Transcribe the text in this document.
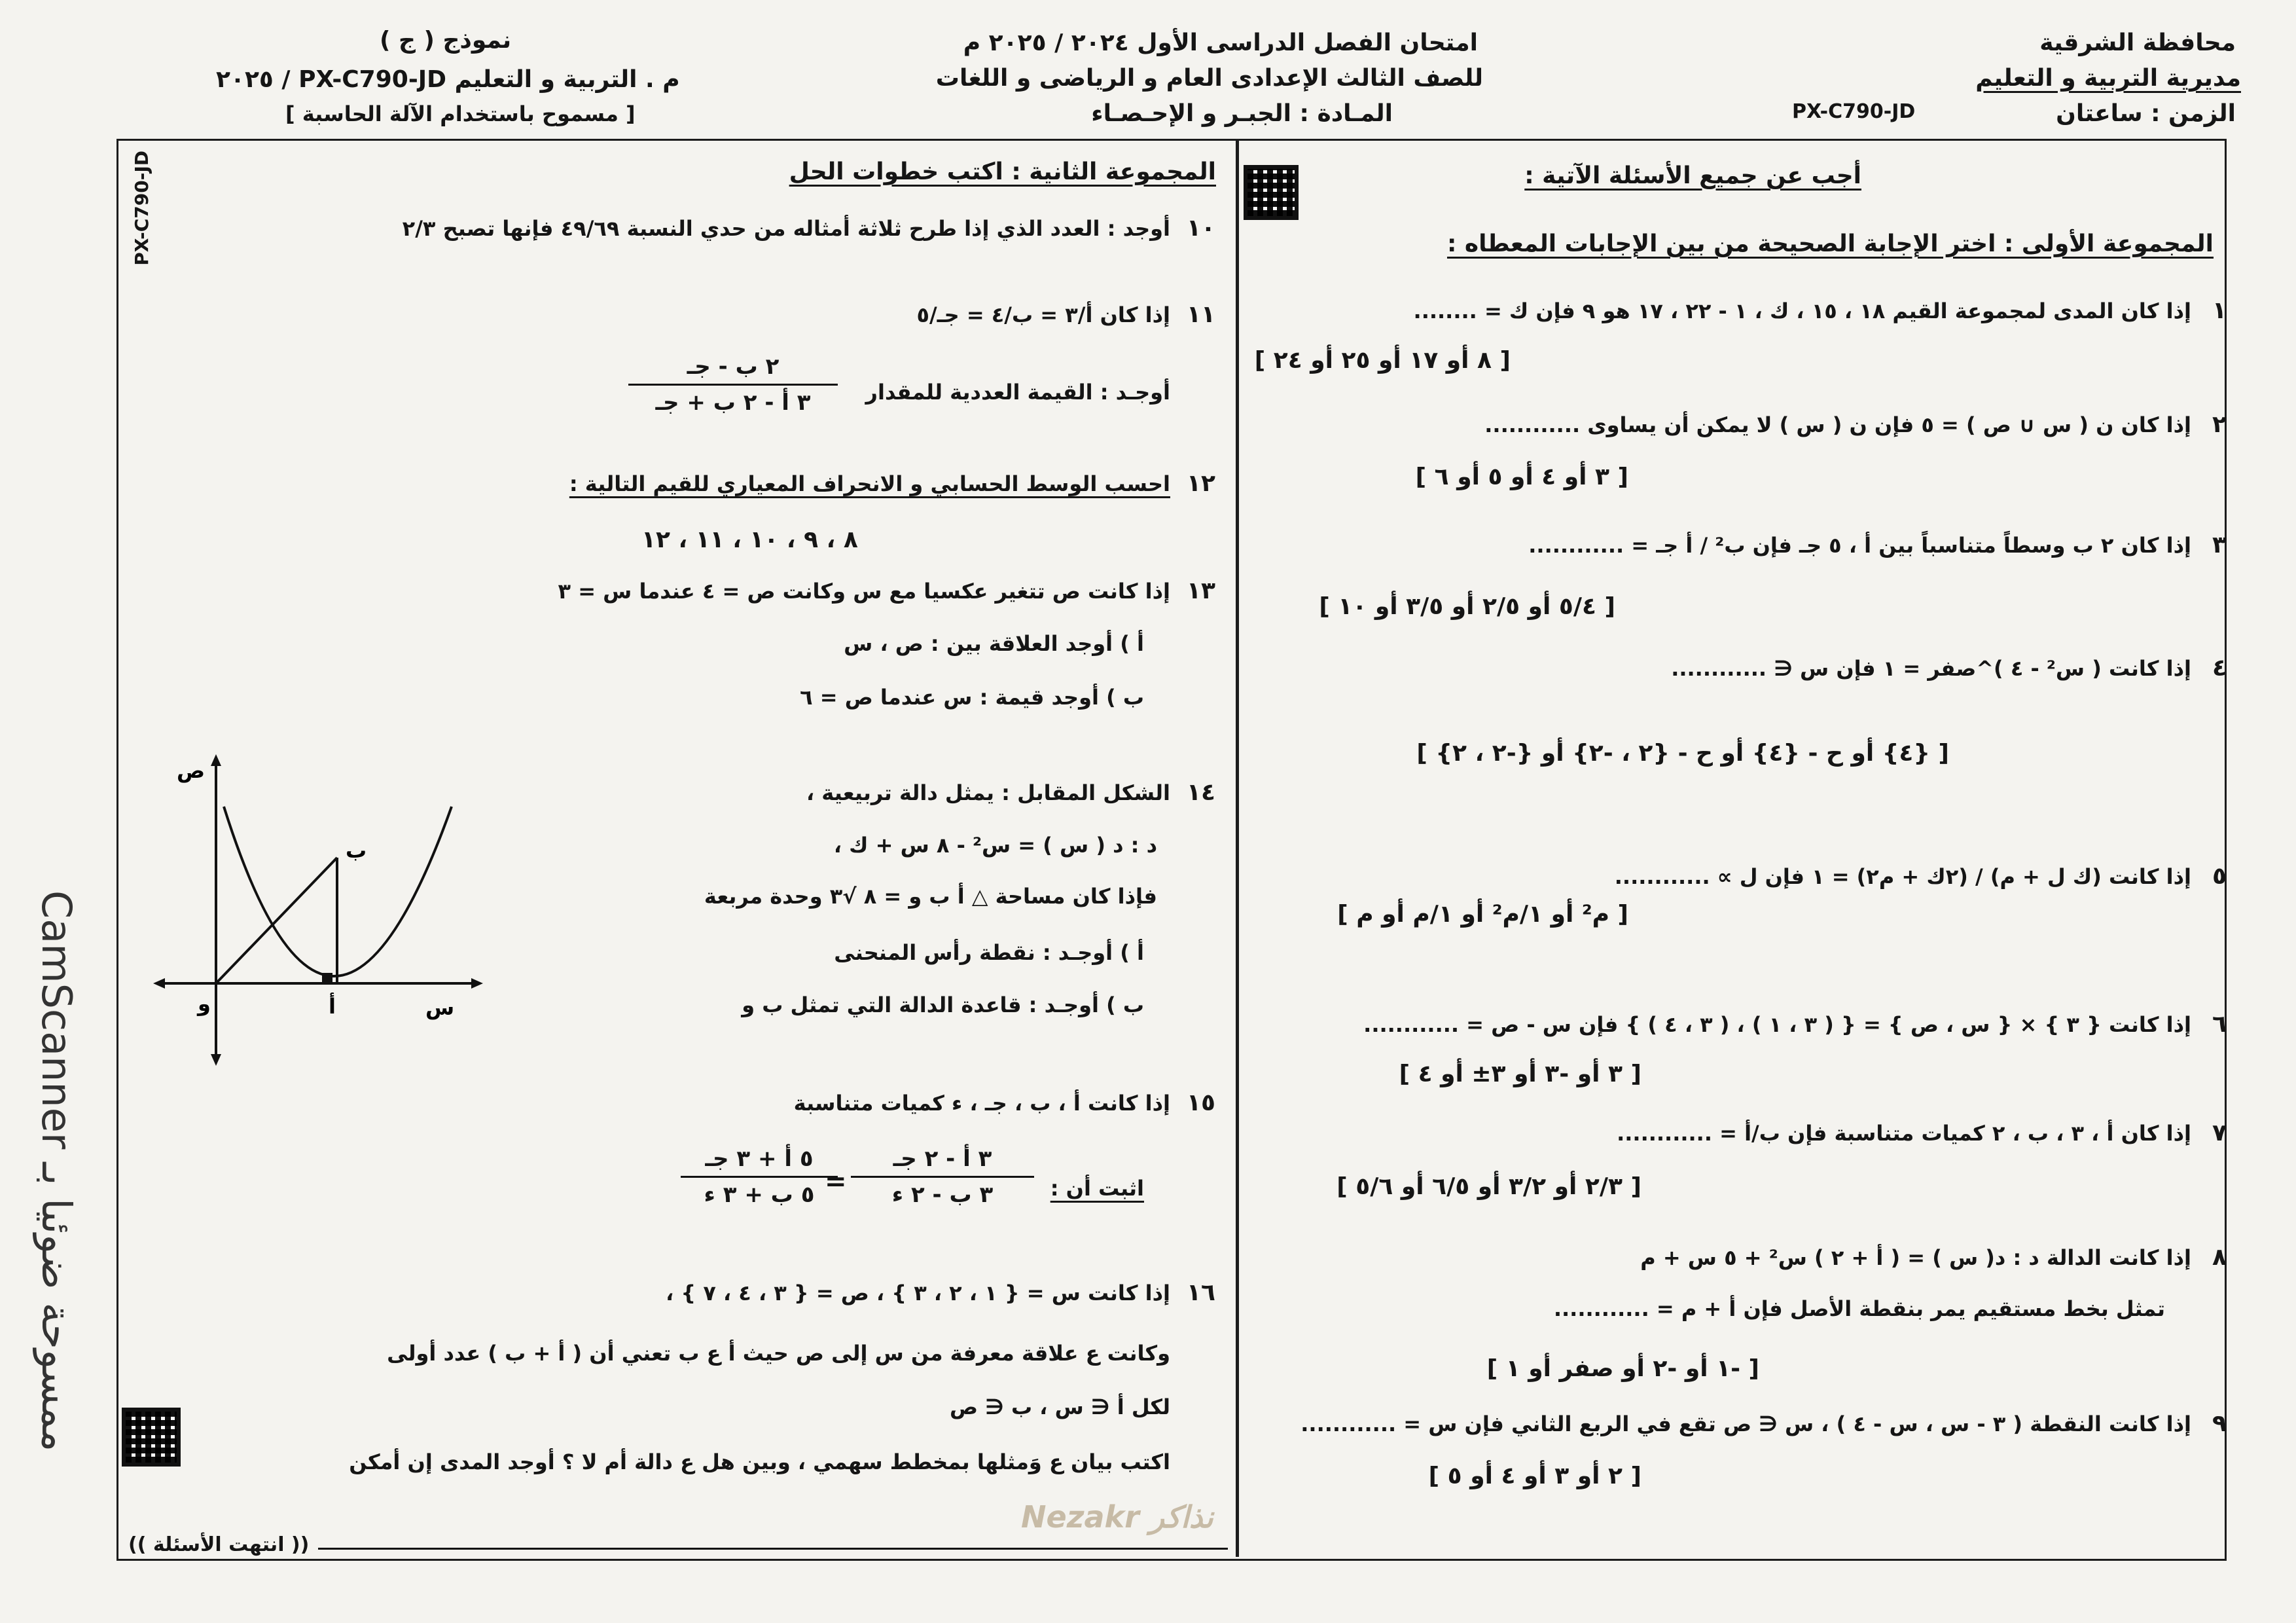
محافظة الشرقية
مديرية التربية و التعليم
الزمن : ساعتان
PX-C790-JD
امتحان الفصل الدراسى الأول ٢٠٢٤ / ٢٠٢٥ م
للصف الثالث الإعدادى العام و الرياضى و اللغات
المـادة : الجبـر و الإحـصـاء
نموذج ( ج )
م . التربية و التعليم PX-C790-JD / ٢٠٢٥
[ مسموح باستخدام الآلة الحاسبة ]
PX-C790-JD
CamScanner ممسوحة ضوئيا بـ
أجب عن جميع الأسئلة الآتية :
المجموعة الأولى : اختر الإجابة الصحيحة من بين الإجابات المعطاه :
١
إذا كان المدى لمجموعة القيم ١٨ ، ١٥ ، ك ، ١ - ٢٢ ، ١٧ هو ٩ فإن ك = ........
[ ٨ أو ١٧ أو ٢٥ أو ٢٤ ]
٢
إذا كان ن ( س ∪ ص ) = ٥ فإن ن ( س ) لا يمكن أن يساوى ............
[ ٣ أو ٤ أو ٥ أو ٦ ]
٣
إذا كان ٢ ب وسطاً متناسباً بين أ ، ٥ جـ فإن ب² / أ جـ = ............
[ ٥/٤ أو ٢/٥ أو ٣/٥ أو ١٠ ]
٤
إذا كانت ( س² - ٤ )^صفر = ١ فإن س ∈ ............
[ {٤} أو ح - {٤} أو ح - {٢ ، -٢} أو {-٢ ، ٢} ]
٥
إذا كانت (ك ل + م) / (٢ك + م٢) = ١ فإن ل ∝ ............
[ م² أو ١/م² أو ١/م أو م ]
٦
إذا كانت { ٣ } × { س ، ص } = { ( ٣ ، ١ ) ، ( ٣ ، ٤ ) } فإن س - ص = ............
[ ٣ أو -٣ أو ٣± أو ٤ ]
٧
إذا كان أ ، ٣ ، ب ، ٢ كميات متناسبة فإن ب/أ = ............
[ ٢/٣ أو ٣/٢ أو ٦/٥ أو ٥/٦ ]
٨
إذا كانت الدالة د : د( س ) = ( أ + ٢ ) س² + ٥ س + م
تمثل بخط مستقيم يمر بنقطة الأصل فإن أ + م = ............
[ -١ أو -٢ أو صفر أو ١ ]
٩
إذا كانت النقطة ( ٣ - س ، س - ٤ ) ، س ∈ ص تقع في الربع الثاني فإن س = ............
[ ٢ أو ٣ أو ٤ أو ٥ ]
المجموعة الثانية : اكتب خطوات الحل
١٠
أوجد : العدد الذي إذا طرح ثلاثة أمثاله من حدي النسبة ٤٩/٦٩ فإنها تصبح ٢/٣
١١
إذا كان أ/٣ = ب/٤ = جـ/٥
أوجـد : القيمة العددية للمقدار
٢ ب - جـ
٣ أ - ٢ ب + جـ
١٢
احسب الوسط الحسابي و الانحراف المعياري للقيم التالية :
٨ ، ٩ ، ١٠ ، ١١ ، ١٢
١٣
إذا كانت ص تتغير عكسيا مع س وكانت ص = ٤ عندما س = ٣
أ ) أوجد العلاقة بين : ص ، س
ب ) أوجد قيمة : س عندما ص = ٦
١٤
الشكل المقابل : يمثل دالة تربيعية ،
د : د ( س ) = س² - ٨ س + ك ،
فإذا كان مساحة △ أ ب و = ٨ √٣ وحدة مربعة
أ ) أوجـد : نقطة رأس المنحنى
ب ) أوجـد : قاعدة الدالة التي تمثل ب و
ص
س
و	أ
ب
١٥
إذا كانت أ ، ب ، جـ ، ء كميات متناسبة
اثبت أن :
٣ أ - ٢ جـ
٣ ب - ٢ ء
=
٥ أ + ٣ جـ
٥ ب + ٣ ء
١٦
إذا كانت س = { ١ ، ٢ ، ٣ } ، ص = { ٣ ، ٤ ، ٧ } ،
وكانت ع علاقة معرفة من س إلى ص حيث أ ع ب تعني أن ( أ + ب ) عدد أولى
لكل أ ∈ س ، ب ∈ ص
اكتب بيان ع وَمثلها بمخطط سهمي ، وبين هل ع دالة أم لا ؟ أوجد المدى إن أمكن
(( انتهت الأسئلة ))
Nezakr نذاكر
